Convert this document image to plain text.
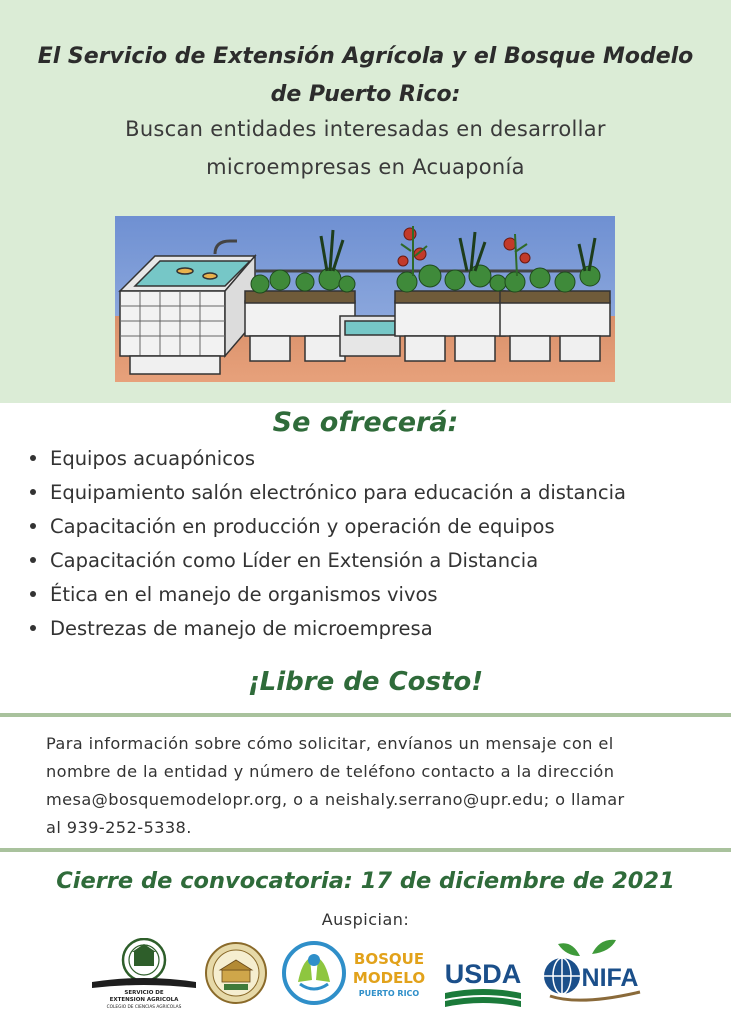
El Servicio de Extensión Agrícola y el Bosque Modelo
de Puerto Rico:
Buscan entidades interesadas en desarrollar
microempresas en Acuaponía
Se ofrecerá:
Equipos acuapónicos
Equipamiento salón electrónico para educación a distancia
Capacitación en producción y operación de equipos
Capacitación como Líder en Extensión a Distancia
Ética en el manejo de organismos vivos
Destrezas de manejo de microempresa
¡Libre de Costo!

Para información sobre cómo solicitar, envíanos un mensaje con el

nombre de la entidad y número de teléfono contacto a la dirección

mesa@bosquemodelopr.org, o a neishaly.serrano@upr.edu; o llamar

al 939-252-5338.

Cierre de convocatoria: 17 de diciembre de 2021
Auspician:
SERVICIO DE
EXTENSION AGRICOLA
COLEGIO DE CIENCIAS AGRICOLAS
BOSQUE
MODELO
PUERTO RICO
USDA NIFA
